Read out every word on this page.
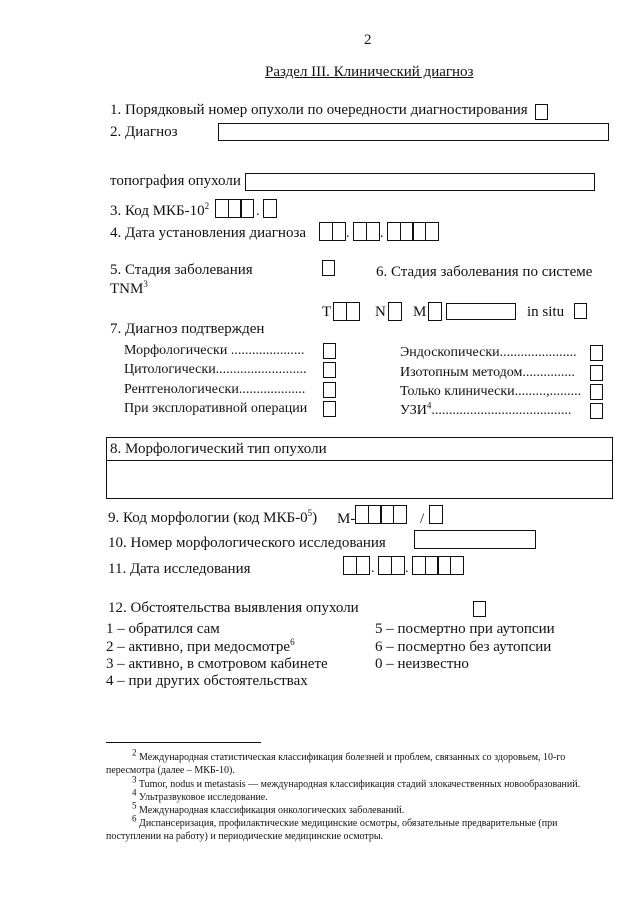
2
Раздел III. Клинический диагноз
1. Порядковый номер опухоли по очередности диагностирования
2. Диагноз
топография опухоли
3. Код МКБ-$10^2$	.
4. Дата установления диагноза	. .
5. Стадия заболевания
TNM$^3$
6. Стадия заболевания по системе
T	N M	in situ
7. Диагноз подтвержден
Морфологически .....................
Цитологически..........................
Рентгенологически...................
При эксплоративной операции
Эндоскопически......................
Изотопным методом...............
Только клинически.........,.........
УЗИ$^4$........................................
8. Морфологический тип опухоли
9. Код морфологии (код МКБ-$0^5$) M-	/
10. Номер морфологического исследования
11. Дата исследования	. .
12. Обстоятельства выявления опухоли
1 – обратился сам
2 – активно, при медосмотре$^6$
3 – активно, в смотровом кабинете
4 – при других обстоятельствах
5 – посмертно при аутопсии
6 – посмертно без аутопсии
0 – неизвестно
$^2$ Международная статистическая классификация болезней и проблем, связанных со здоровьем, 10-го
пересмотра (далее – МКБ-10).
$^3$ Tumor, nodus и metastasis — международная классификация стадий злокачественных новообразований.
$^4$ Ультразвуковое исследование.
$^5$ Международная классификация онкологических заболеваний.
$^6$ Диспансеризация, профилактические медицинские осмотры, обязательные предварительные (при
поступлении на работу) и периодические медицинские осмотры.
